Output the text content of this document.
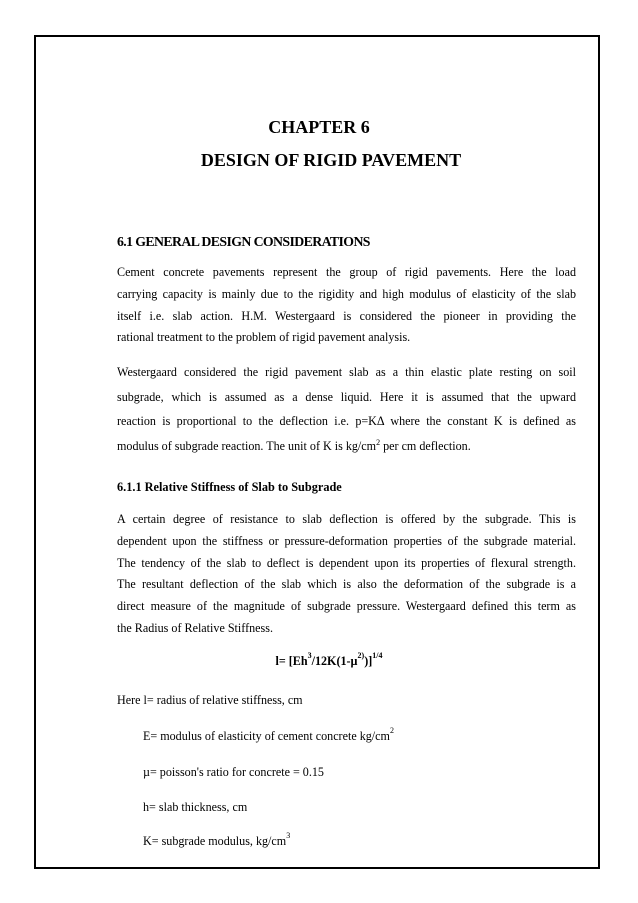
CHAPTER 6
DESIGN OF RIGID PAVEMENT
6.1 GENERAL DESIGN CONSIDERATIONS
Cement concrete pavements represent the group of rigid pavements. Here the load
carrying capacity is mainly due to the rigidity and high modulus of elasticity of the slab
itself i.e. slab action. H.M. Westergaard is considered the pioneer in providing the
rational treatment to the problem of rigid pavement analysis.
Westergaard considered the rigid pavement slab as a thin elastic plate resting on soil
subgrade, which is assumed as a dense liquid. Here it is assumed that the upward
reaction is proportional to the deflection i.e. p=KΔ where the constant K is defined as
modulus of subgrade reaction. The unit of K is $kg/cm^2$ per cm deflection.
6.1.1 Relative Stiffness of Slab to Subgrade
A certain degree of resistance to slab deflection is offered by the subgrade. This is
dependent upon the stiffness or pressure-deformation properties of the subgrade material.
The tendency of the slab to deflect is dependent upon its properties of flexural strength.
The resultant deflection of the slab which is also the deformation of the subgrade is a
direct measure of the magnitude of subgrade pressure. Westergaard defined this term as
the Radius of Relative Stiffness.
$l= [Eh^3/12K(1-\mu^{2)})]^{1/4}$
Here l= radius of relative stiffness, cm
E= modulus of elasticity of cement concrete $kg/cm^2$
µ= poisson's ratio for concrete = 0.15
h= slab thickness, cm
K= subgrade modulus, $kg/cm^3$
